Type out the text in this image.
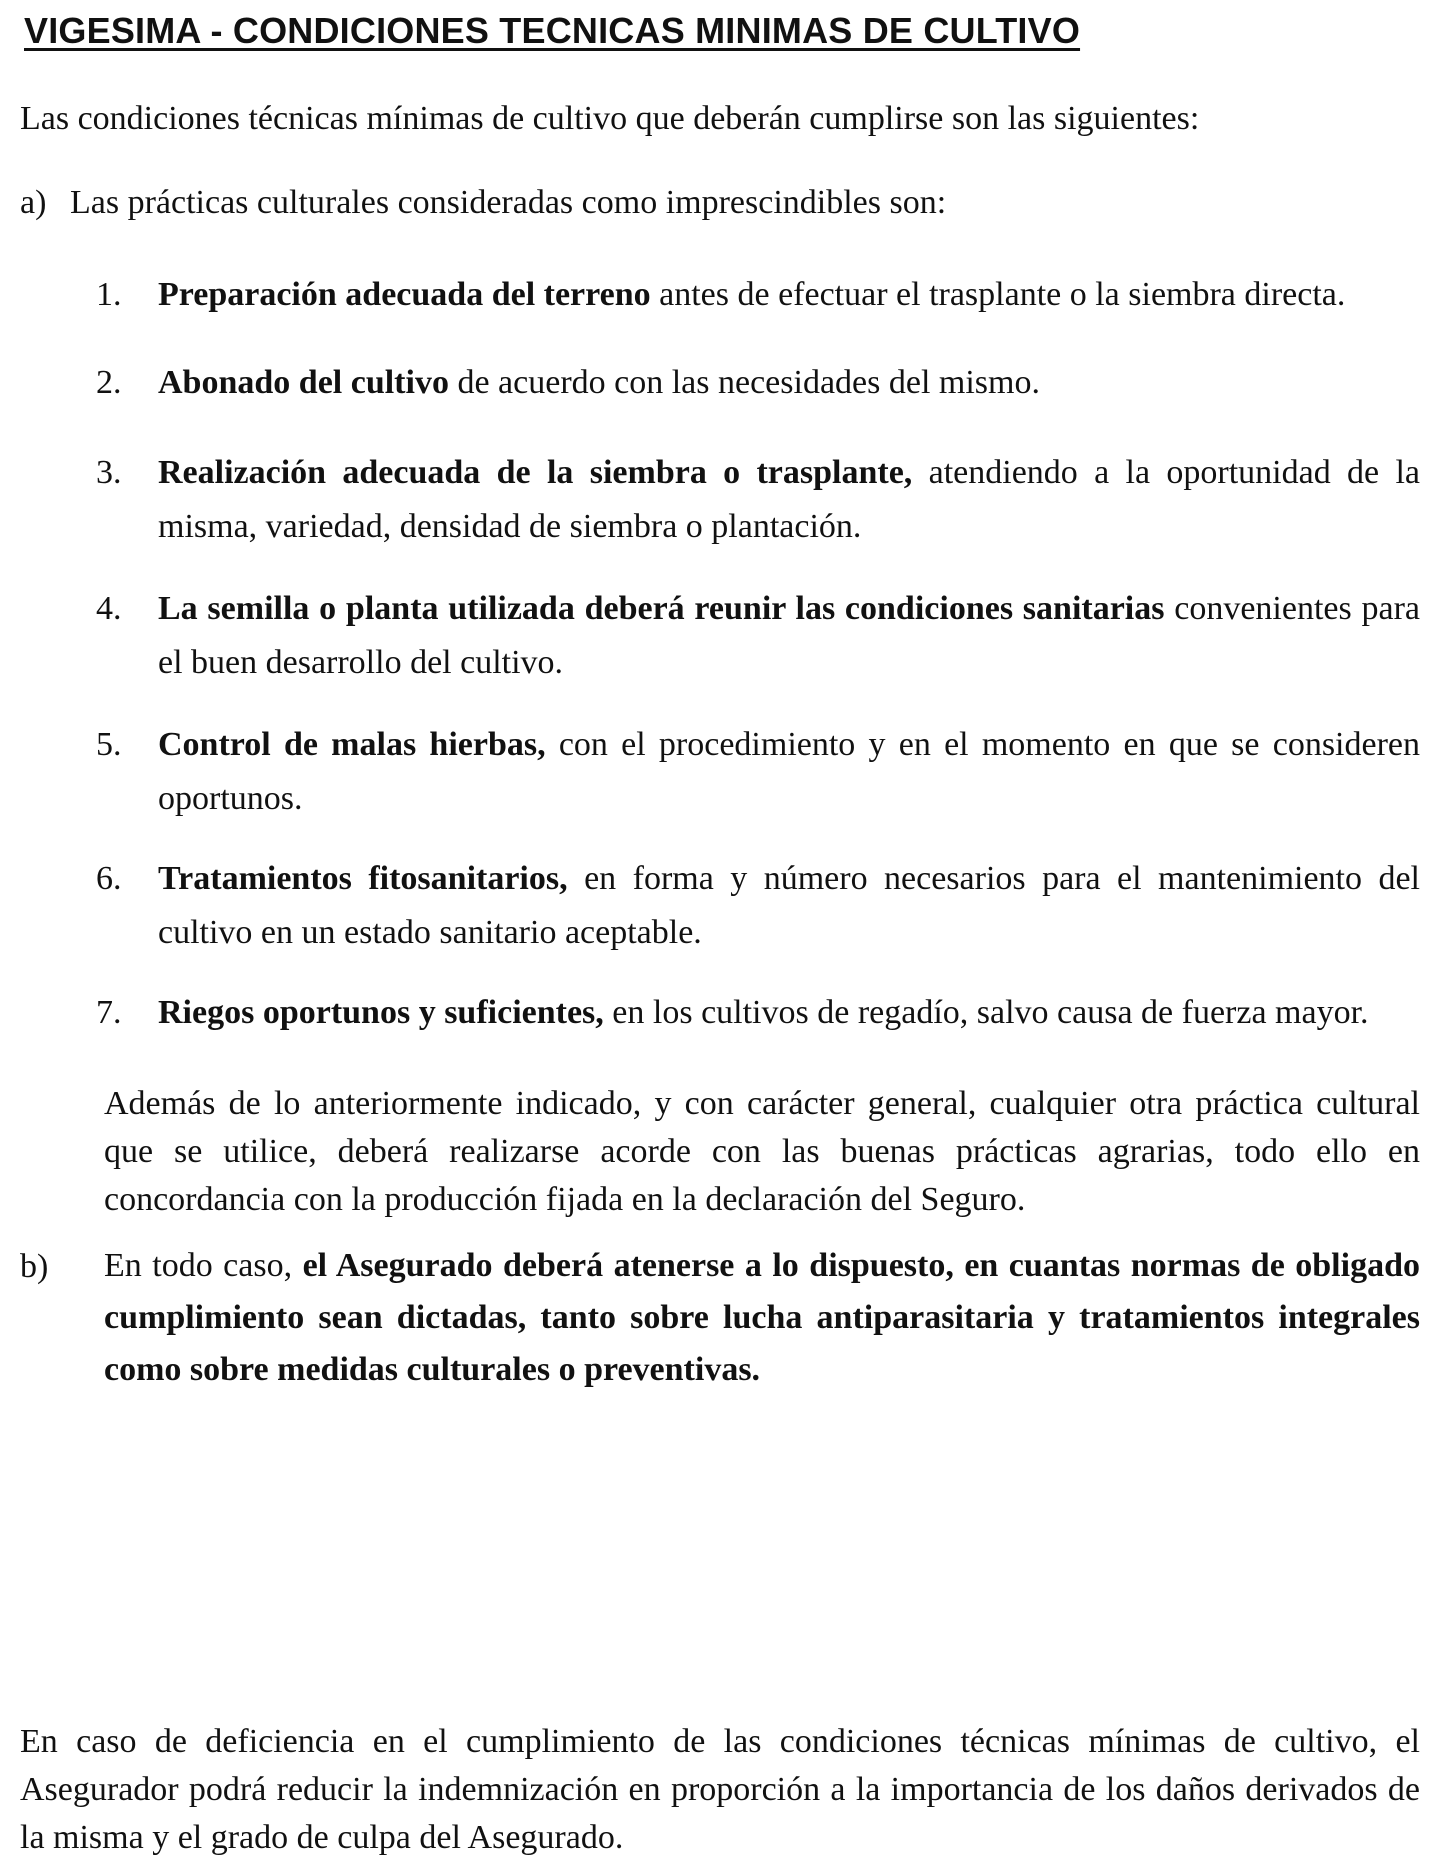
VIGESIMA - CONDICIONES TECNICAS MINIMAS DE CULTIVO

Las condiciones técnicas mínimas de cultivo que deberán cumplirse son las siguientes:

a) Las prácticas culturales consideradas como imprescindibles son:

1. Preparación adecuada del terreno antes de efectuar el trasplante o la siembra directa.
2. Abonado del cultivo de acuerdo con las necesidades del mismo.
3. Realización adecuada de la siembra o trasplante, atendiendo a la oportunidad de la misma, variedad, densidad de siembra o plantación.
4. La semilla o planta utilizada deberá reunir las condiciones sanitarias convenientes para el buen desarrollo del cultivo.
5. Control de malas hierbas, con el procedimiento y en el momento en que se consideren oportunos.
6. Tratamientos fitosanitarios, en forma y número necesarios para el mantenimiento del cultivo en un estado sanitario aceptable.
7. Riegos oportunos y suficientes, en los cultivos de regadío, salvo causa de fuerza mayor.

Además de lo anteriormente indicado, y con carácter general, cualquier otra práctica cultural que se utilice, deberá realizarse acorde con las buenas prácticas agrarias, todo ello en concordancia con la producción fijada en la declaración del Seguro.

b) En todo caso, el Asegurado deberá atenerse a lo dispuesto, en cuantas normas de obligado cumplimiento sean dictadas, tanto sobre lucha antiparasitaria y tratamientos integrales como sobre medidas culturales o preventivas.

En caso de deficiencia en el cumplimiento de las condiciones técnicas mínimas de cultivo, el Asegurador podrá reducir la indemnización en proporción a la importancia de los daños derivados de la misma y el grado de culpa del Asegurado.
